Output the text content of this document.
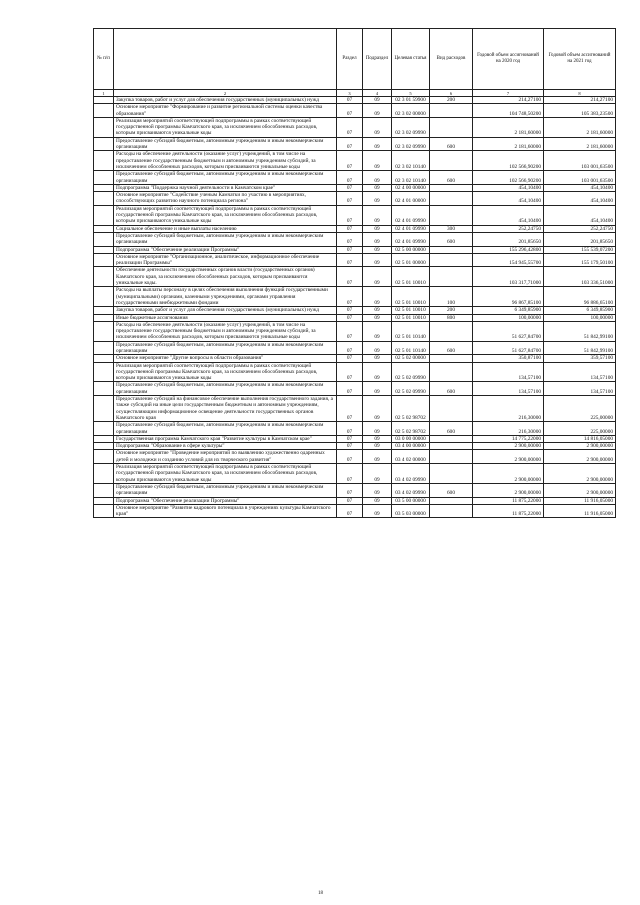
№ п/п		Раздел	Подраздел	Целевая статья	Вид расходов	Годовой объем ассигнований на 2020 год	Годовой объем ассигнований на 2021 год
1	2	3	4	5	6	7	8
	Закупка товаров, работ и услуг для обеспечения государственных (муниципальных) нужд	07	09	02 3 01 59900	200	214,27100	214,27100
	Основное мероприятие "Формирование и развитие региональной системы оценки качества образования"	07	09	02 3 02 00000		104 748,50200	105 383,23500
	Реализация мероприятий соответствующей подпрограммы в рамках соответствующей государственной программы Камчатского края, за исключением обособленных расходов, которым присваиваются уникальные коды	07	09	02 3 02 09990		2 181,60000	2 181,60000
	Предоставление субсидий бюджетным, автономным учреждениям и иным некоммерческим организациям	07	09	02 3 02 09990	600	2 181,60000	2 181,60000
	Расходы на обеспечение деятельности (оказание услуг) учреждений, в том числе на предоставление государственным бюджетным и автономным учреждениям субсидий, за исключением обособленных расходов, которым присваиваются уникальные коды	07	09	02 3 02 10140		102 566,90200	103 001,63500
	Предоставление субсидий бюджетным, автономным учреждениям и иным некоммерческим организациям	07	09	02 3 02 10140	600	102 566,90200	103 001,63500
	Подпрограмма "Поддержка научной деятельности в Камчатском крае"	07	09	02 4 00 00000		454,10400	454,10400
	Основное мероприятие "Содействие ученым Камчатки по участию в мероприятиях, способствующих развитию научного потенциала региона"	07	09	02 4 01 00000		454,10400	454,10400
	Реализация мероприятий соответствующей подпрограммы в рамках соответствующей государственной программы Камчатского края, за исключением обособленных расходов, которым присваиваются уникальные коды	07	09	02 4 01 09990		454,10400	454,10400
	Социальное обеспечение и иные выплаты населению	07	09	02 4 01 09990	300	252,24750	252,24750
	Предоставление субсидий бюджетным, автономным учреждениям и иным некоммерческим организациям	07	09	02 4 01 09990	600	201,85650	201,85650
	Подпрограмма "Обеспечение реализации Программы"	07	09	02 5 00 00000		155 296,42800	155 539,07200
	Основное мероприятие "Организационное, аналитическое, информационное обеспечение реализации Программы"	07	09	02 5 01 00000		154 945,55700	155 179,50100
	Обеспечение деятельности государственных органов власти (государственных органов) Камчатского края, за исключением обособленных расходов, которым присваиваются уникальные коды.	07	09	02 5 01 10010		103 317,71000	103 336,51000
	Расходы на выплаты персоналу в целях обеспечения выполнения функций государственными (муниципальными) органами, казенными учреждениями, органами управления государственными внебюджетными фондами	07	09	02 5 01 10010	100	96 867,85100	96 886,65100
	Закупка товаров, работ и услуг для обеспечения государственных (муниципальных) нужд	07	09	02 5 01 10010	200	6 349,85900	6 349,85900
	Иные бюджетные ассигнования	07	09	02 5 01 10010	800	100,00000	100,00000
	Расходы на обеспечение деятельности (оказание услуг) учреждений, в том числе на предоставление государственным бюджетным и автономным учреждениям субсидий, за исключением обособленных расходов, которым присваиваются уникальные коды	07	09	02 5 01 10140		51 627,84700	51 842,99100
	Предоставление субсидий бюджетным, автономным учреждениям и иным некоммерческим организациям	07	09	02 5 01 10140	600	51 627,84700	51 842,99100
	Основное мероприятие "Другие вопросы в области образования"	07	09	02 5 02 00000		350,87100	359,57100
	Реализация мероприятий соответствующей подпрограммы в рамках соответствующей государственной программы Камчатского края, за исключением обособленных расходов, которым присваиваются уникальные коды	07	09	02 5 02 09990		134,57100	134,57100
	Предоставление субсидий бюджетным, автономным учреждениям и иным некоммерческим организациям	07	09	02 5 02 09990	600	134,57100	134,57100
	Предоставление субсидий на финансовое обеспечение выполнения государственного задания, а также субсидий на иные цели государственным бюджетным и автономным учреждениям, осуществляющим информационное освещение деятельности государственных органов Камчатского края	07	09	02 5 02 98702		216,30000	225,00000
	Предоставление субсидий бюджетным, автономным учреждениям и иным некоммерческим организациям	07	09	02 5 02 98702	600	216,30000	225,00000
	Государственная программа Камчатского края "Развитие культуры в Камчатском крае"	07	09	03 0 00 00000		14 775,22000	14 816,05000
	Подпрограмма "Образование в сфере культуры"	07	09	03 4 00 00000		2 900,00000	2 900,00000
	Основное мероприятие "Проведение мероприятий по выявлению художественно одаренных детей и молодежи и созданию условий для их творческого развития"	07	09	03 4 02 00000		2 900,00000	2 900,00000
	Реализация мероприятий соответствующей подпрограммы в рамках соответствующей государственной программы Камчатского края, за исключением обособленных расходов, которым присваиваются уникальные коды	07	09	03 4 02 09990		2 900,00000	2 900,00000
	Предоставление субсидий бюджетным, автономным учреждениям и иным некоммерческим организациям	07	09	03 4 02 09990	600	2 900,00000	2 900,00000
	Подпрограмма "Обеспечение реализации Программы"	07	09	03 5 00 00000		11 875,22000	11 916,05000
	Основное мероприятие "Развитие кадрового потенциала в учреждениях культуры Камчатского края"	07	09	03 5 03 00000		11 875,22000	11 916,05000
18
